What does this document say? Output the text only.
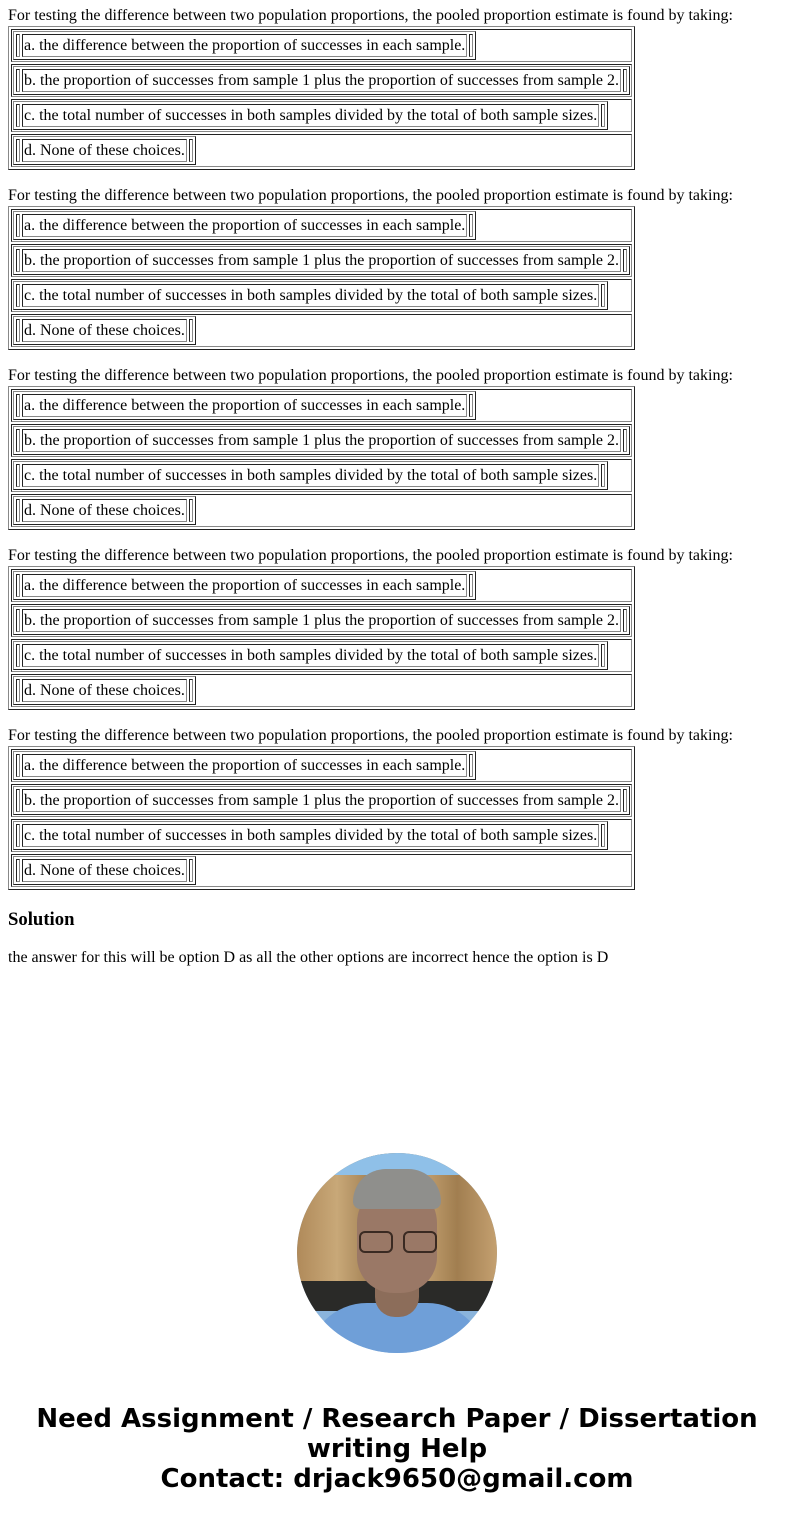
For testing the difference between two population proportions, the pooled proportion estimate is found by taking:

	a. the difference between the proportion of successes in each sample.	

	b. the proportion of successes from sample 1 plus the proportion of successes from sample 2.	

	c. the total number of successes in both samples divided by the total of both sample sizes.	

	d. None of these choices.	

For testing the difference between two population proportions, the pooled proportion estimate is found by taking:

	a. the difference between the proportion of successes in each sample.	

	b. the proportion of successes from sample 1 plus the proportion of successes from sample 2.	

	c. the total number of successes in both samples divided by the total of both sample sizes.	

	d. None of these choices.	

For testing the difference between two population proportions, the pooled proportion estimate is found by taking:

	a. the difference between the proportion of successes in each sample.	

	b. the proportion of successes from sample 1 plus the proportion of successes from sample 2.	

	c. the total number of successes in both samples divided by the total of both sample sizes.	

	d. None of these choices.	

For testing the difference between two population proportions, the pooled proportion estimate is found by taking:

	a. the difference between the proportion of successes in each sample.	

	b. the proportion of successes from sample 1 plus the proportion of successes from sample 2.	

	c. the total number of successes in both samples divided by the total of both sample sizes.	

	d. None of these choices.	

For testing the difference between two population proportions, the pooled proportion estimate is found by taking:

	a. the difference between the proportion of successes in each sample.	

	b. the proportion of successes from sample 1 plus the proportion of successes from sample 2.	

	c. the total number of successes in both samples divided by the total of both sample sizes.	

	d. None of these choices.	
Solution

the answer for this will be option D as all the other options are incorrect hence the option is D

Need Assignment / Research Paper / Dissertation
writing Help
Contact: drjack9650@gmail.com
